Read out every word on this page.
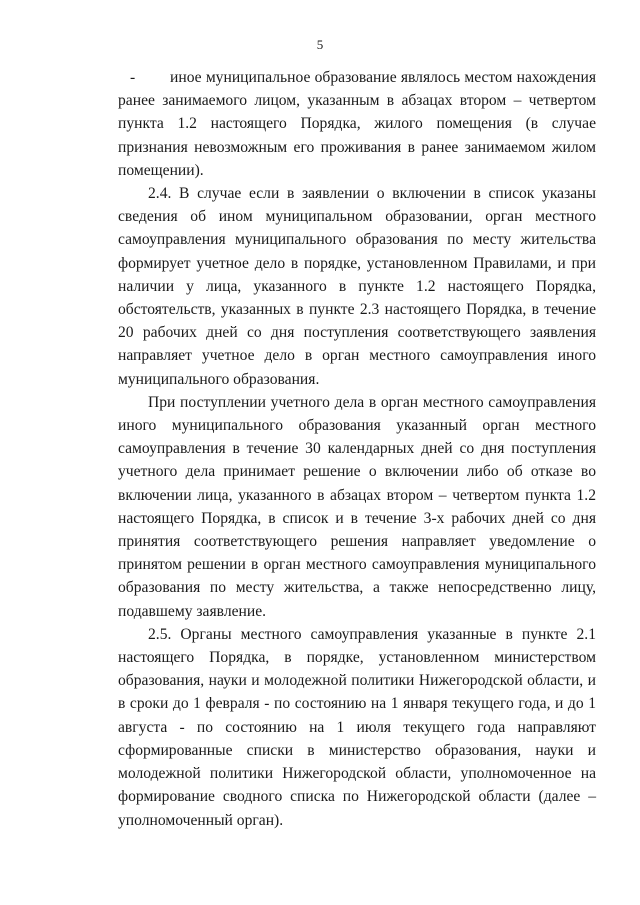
5

- иное муниципальное образование являлось местом нахождения ранее занимаемого лицом, указанным в абзацах втором – четвертом пункта 1.2 настоящего Порядка, жилого помещения (в случае признания невозможным его проживания в ранее занимаемом жилом помещении).

2.4. В случае если в заявлении о включении в список указаны сведения об ином муниципальном образовании, орган местного самоуправления муниципального образования по месту жительства формирует учетное дело в порядке, установленном Правилами, и при наличии у лица, указанного в пункте 1.2 настоящего Порядка, обстоятельств, указанных в пункте 2.3 настоящего Порядка, в течение 20 рабочих дней со дня поступления соответствующего заявления направляет учетное дело в орган местного самоуправления иного муниципального образования.

При поступлении учетного дела в орган местного самоуправления иного муниципального образования указанный орган местного самоуправления в течение 30 календарных дней со дня поступления учетного дела принимает решение о включении либо об отказе во включении лица, указанного в абзацах втором – четвертом пункта 1.2 настоящего Порядка, в список и в течение 3-х рабочих дней со дня принятия соответствующего решения направляет уведомление о принятом решении в орган местного самоуправления муниципального образования по месту жительства, а также непосредственно лицу, подавшему заявление.

2.5. Органы местного самоуправления указанные в пункте 2.1 настоящего Порядка, в порядке, установленном министерством образования, науки и молодежной политики Нижегородской области, и в сроки до 1 февраля - по состоянию на 1 января текущего года, и до 1 августа - по состоянию на 1 июля текущего года направляют сформированные списки в министерство образования, науки и молодежной политики Нижегородской области, уполномоченное на формирование сводного списка по Нижегородской области (далее – уполномоченный орган).
